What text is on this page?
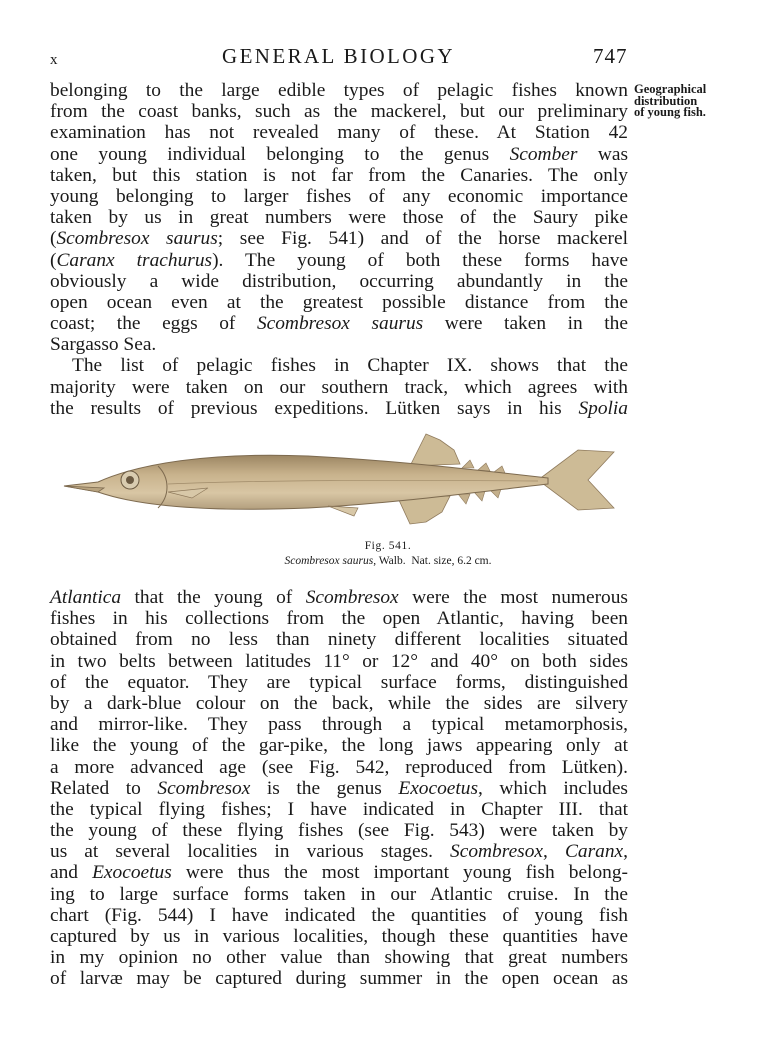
x	GENERAL BIOLOGY	747
Geographical
distribution
of young fish.
belonging to the large edible types of pelagic fishes known
from the coast banks, such as the mackerel, but our preliminary
examination has not revealed many of these. At Station 42
one young individual belonging to the genus Scomber was
taken, but this station is not far from the Canaries. The only
young belonging to larger fishes of any economic importance
taken by us in great numbers were those of the Saury pike
(Scombresox saurus; see Fig. 541) and of the horse mackerel
(Caranx trachurus). The young of both these forms have
obviously a wide distribution, occurring abundantly in the
open ocean even at the greatest possible distance from the
coast; the eggs of Scombresox saurus were taken in the
Sargasso Sea.
The list of pelagic fishes in Chapter IX. shows that the
majority were taken on our southern track, which agrees with
the results of previous expeditions. Lütken says in his Spolia
Fig. 541.
Scombresox saurus, Walb. Nat. size, 6.2 cm.
Atlantica that the young of Scombresox were the most numerous
fishes in his collections from the open Atlantic, having been
obtained from no less than ninety different localities situated
in two belts between latitudes 11° or 12° and 40° on both sides
of the equator. They are typical surface forms, distinguished
by a dark-blue colour on the back, while the sides are silvery
and mirror-like. They pass through a typical metamorphosis,
like the young of the gar-pike, the long jaws appearing only at
a more advanced age (see Fig. 542, reproduced from Lütken).
Related to Scombresox is the genus Exocoetus, which includes
the typical flying fishes; I have indicated in Chapter III. that
the young of these flying fishes (see Fig. 543) were taken by
us at several localities in various stages. Scombresox, Caranx,
and Exocoetus were thus the most important young fish belong-
ing to large surface forms taken in our Atlantic cruise. In the
chart (Fig. 544) I have indicated the quantities of young fish
captured by us in various localities, though these quantities have
in my opinion no other value than showing that great numbers
of larvæ may be captured during summer in the open ocean as
